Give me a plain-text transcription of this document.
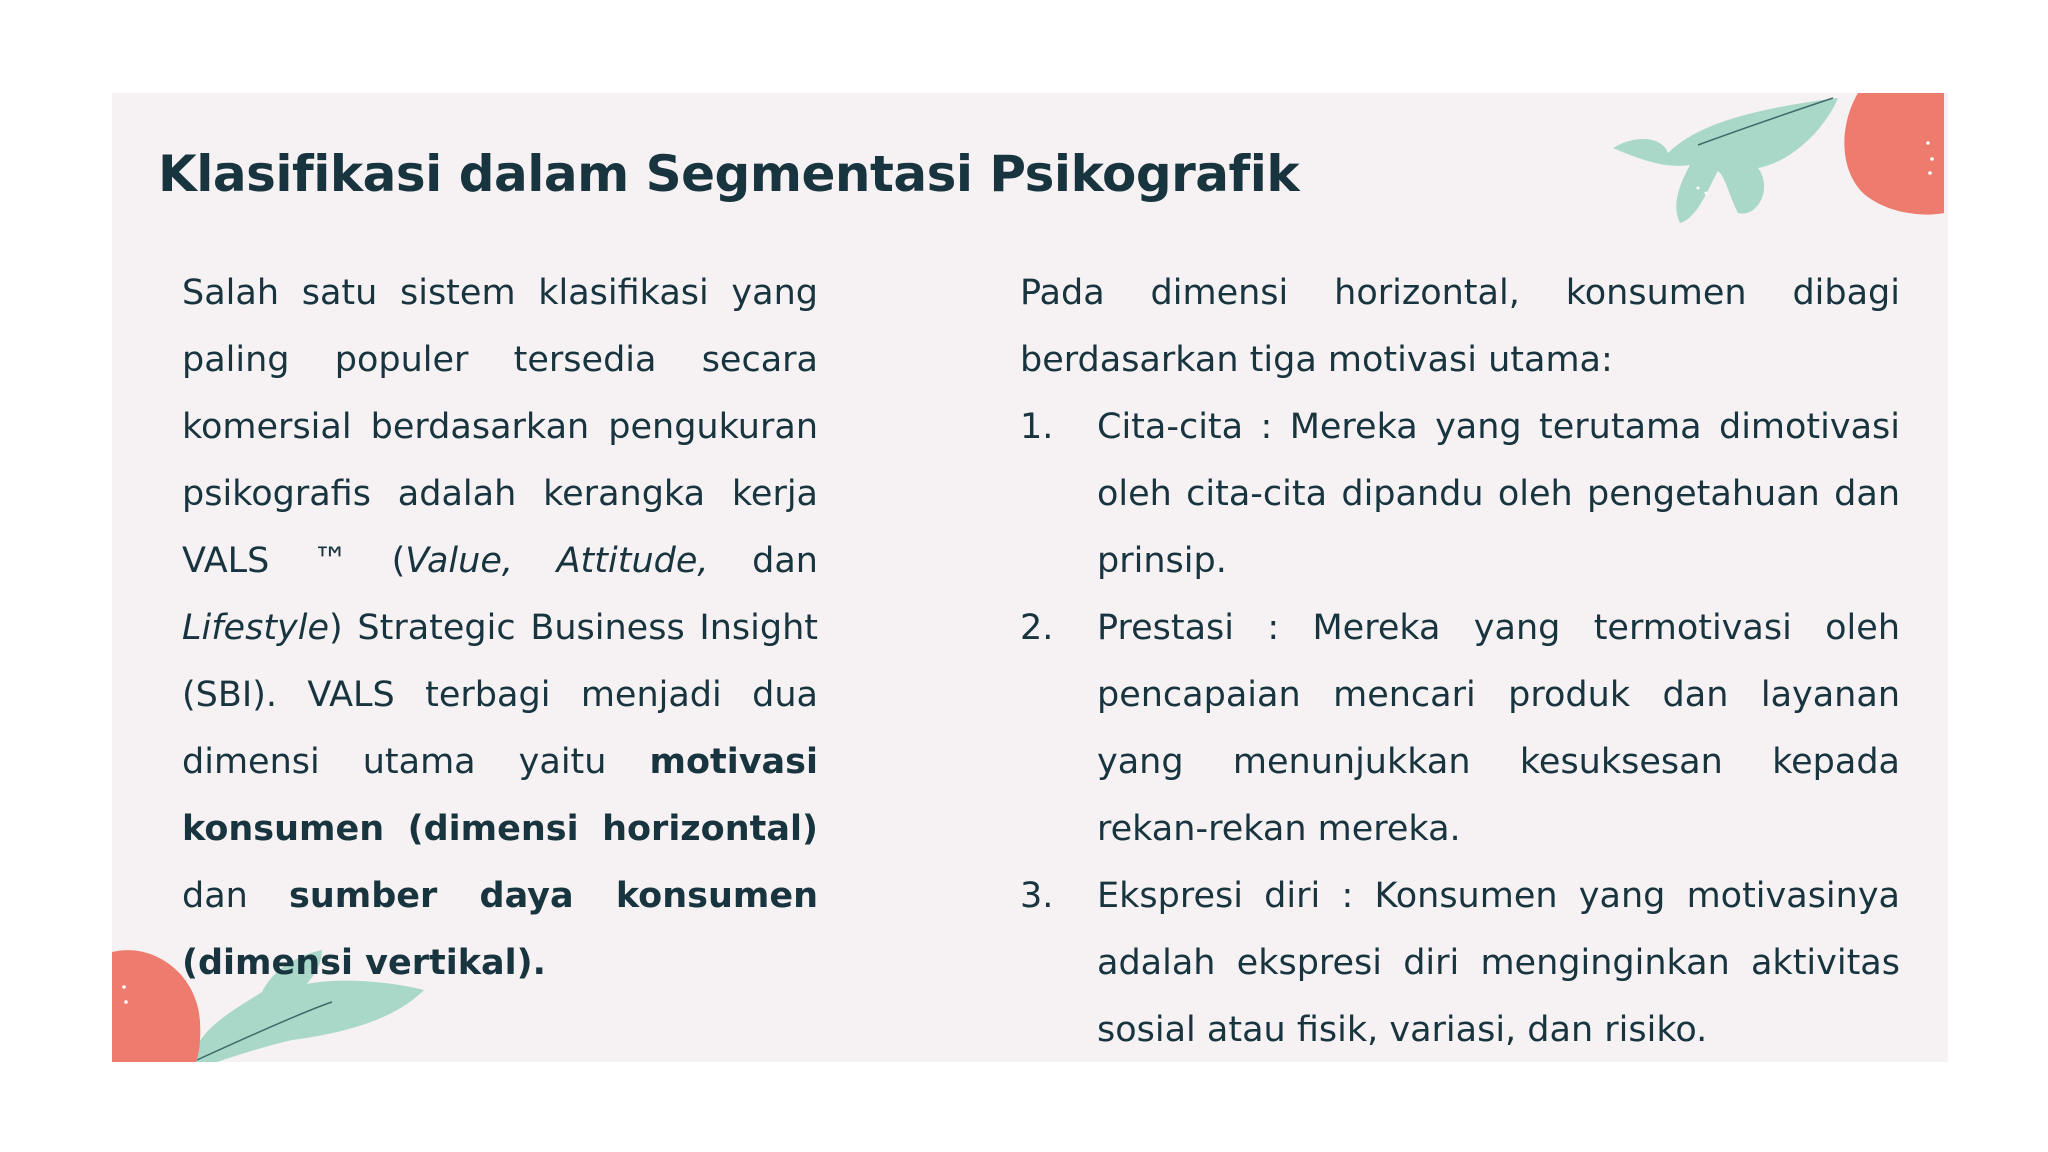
Klasifikasi dalam Segmentasi Psikografik

Salah satu sistem klasifikasi yang paling populer tersedia secara komersial berdasarkan pengukuran psikografis adalah kerangka kerja VALS ™ (Value, Attitude, dan Lifestyle) Strategic Business Insight (SBI). VALS terbagi menjadi dua dimensi utama yaitu motivasi konsumen (dimensi horizontal) dan sumber daya konsumen (dimensi vertikal).

Pada dimensi horizontal, konsumen dibagi berdasarkan tiga motivasi utama:

1. Cita-cita : Mereka yang terutama dimotivasi oleh cita-cita dipandu oleh pengetahuan dan prinsip.
2. Prestasi : Mereka yang termotivasi oleh pencapaian mencari produk dan layanan yang menunjukkan kesuksesan kepada rekan-rekan mereka.
3. Ekspresi diri : Konsumen yang motivasinya adalah ekspresi diri menginginkan aktivitas sosial atau fisik, variasi, dan risiko.
